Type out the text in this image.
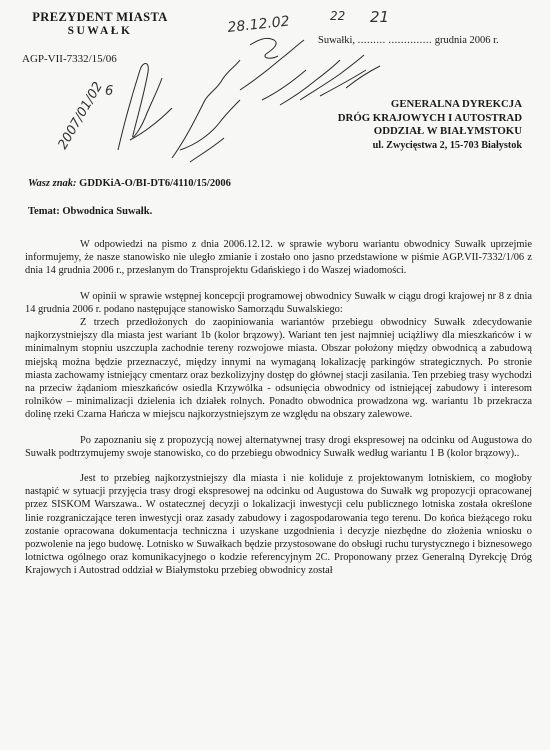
PREZYDENT MIASTA
SUWAŁK
AGP-VII-7332/15/06
Suwałki, ......... .............. grudnia 2006 r.
21
28.12.02	22
6
2007/01/02	GENERALNA DYREKCJA
DRÓG KRAJOWYCH I AUTOSTRAD
ODDZIAŁ W BIAŁYMSTOKU
ul. Zwycięstwa 2, 15-703 Białystok
Wasz znak: GDDKiA-O/BI-DT6/4110/15/2006
Temat: Obwodnica Suwałk.

W odpowiedzi na pismo z dnia 2006.12.12. w sprawie wyboru wariantu obwodnicy Suwałk uprzejmie informujemy, że nasze stanowisko nie uległo zmianie i zostało ono jasno przedstawione w piśmie AGP.VII-7332/1/06 z dnia 14 grudnia 2006 r., przesłanym do Transprojektu Gdańskiego i do Waszej wiadomości.

W opinii w sprawie wstępnej koncepcji programowej obwodnicy Suwałk w ciągu drogi krajowej nr 8 z dnia 14 grudnia 2006 r. podano następujące stanowisko Samorządu Suwalskiego:

Z trzech przedłożonych do zaopiniowania wariantów przebiegu obwodnicy Suwałk zdecydowanie najkorzystniejszy dla miasta jest wariant 1b (kolor brązowy). Wariant ten jest najmniej uciążliwy dla mieszkańców i w minimalnym stopniu uszczupla zachodnie tereny rozwojowe miasta. Obszar położony między obwodnicą a zabudową miejską można będzie przeznaczyć, między innymi na wymaganą lokalizację parkingów strategicznych. Po stronie miasta zachowamy istniejący cmentarz oraz bezkolizyjny dostęp do głównej stacji zasilania. Ten przebieg trasy wychodzi na przeciw żądaniom mieszkańców osiedla Krzywólka - odsunięcia obwodnicy od istniejącej zabudowy i interesom rolników – minimalizacji dzielenia ich działek rolnych. Ponadto obwodnica prowadzona wg. wariantu 1b przekracza dolinę rzeki Czarna Hańcza w miejscu najkorzystniejszym ze względu na obszary zalewowe.

Po zapoznaniu się z propozycją nowej alternatywnej trasy drogi ekspresowej na odcinku od Augustowa do Suwałk podtrzymujemy swoje stanowisko, co do przebiegu obwodnicy Suwałk według wariantu 1 B (kolor brązowy)..

Jest to przebieg najkorzystniejszy dla miasta i nie koliduje z projektowanym lotniskiem, co mogłoby nastąpić w sytuacji przyjęcia trasy drogi ekspresowej na odcinku od Augustowa do Suwałk wg propozycji opracowanej przez SISKOM Warszawa.. W ostatecznej decyzji o lokalizacji inwestycji celu publicznego lotniska została określone linie rozgraniczające teren inwestycji oraz zasady zabudowy i zagospodarowania tego terenu. Do końca bieżącego roku zostanie opracowana dokumentacja techniczna i uzyskane uzgodnienia i decyzje niezbędne do złożenia wniosku o pozwolenie na jego budowę. Lotnisko w Suwałkach będzie przystosowane do obsługi ruchu turystycznego i biznesowego lotnictwa ogólnego oraz komunikacyjnego o kodzie referencyjnym 2C. Proponowany przez Generalną Dyrekcję Dróg Krajowych i Autostrad oddział w Białymstoku przebieg obwodnicy został
